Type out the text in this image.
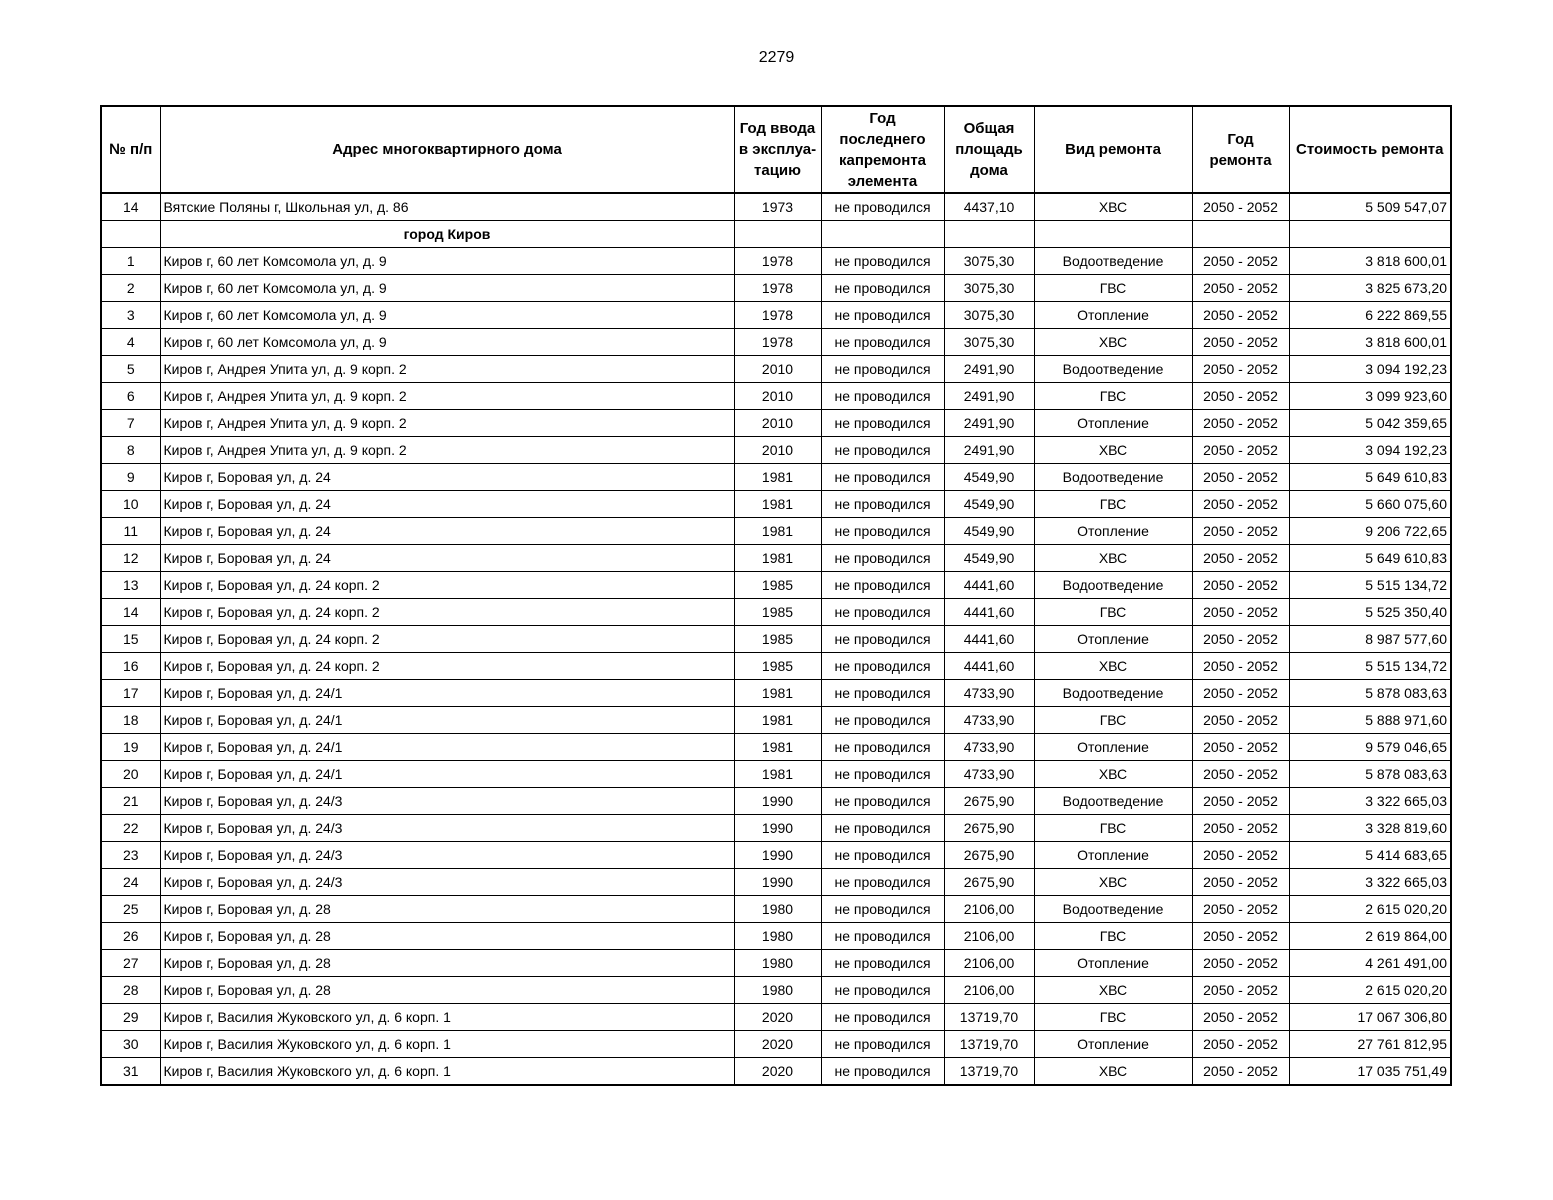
2279
№ п/п	Адрес многоквартирного дома	Год ввода в эксплуа-тацию	Год последнего капремонта элемента	Общая площадь дома	Вид ремонта	Год ремонта	Стоимость ремонта
14	Вятские Поляны г, Школьная ул, д. 86	1973	не проводился	4437,10	ХВС	2050 - 2052	5 509 547,07
	город Киров						
1	Киров г, 60 лет Комсомола ул, д. 9	1978	не проводился	3075,30	Водоотведение	2050 - 2052	3 818 600,01
2	Киров г, 60 лет Комсомола ул, д. 9	1978	не проводился	3075,30	ГВС	2050 - 2052	3 825 673,20
3	Киров г, 60 лет Комсомола ул, д. 9	1978	не проводился	3075,30	Отопление	2050 - 2052	6 222 869,55
4	Киров г, 60 лет Комсомола ул, д. 9	1978	не проводился	3075,30	ХВС	2050 - 2052	3 818 600,01
5	Киров г, Андрея Упита ул, д. 9 корп. 2	2010	не проводился	2491,90	Водоотведение	2050 - 2052	3 094 192,23
6	Киров г, Андрея Упита ул, д. 9 корп. 2	2010	не проводился	2491,90	ГВС	2050 - 2052	3 099 923,60
7	Киров г, Андрея Упита ул, д. 9 корп. 2	2010	не проводился	2491,90	Отопление	2050 - 2052	5 042 359,65
8	Киров г, Андрея Упита ул, д. 9 корп. 2	2010	не проводился	2491,90	ХВС	2050 - 2052	3 094 192,23
9	Киров г, Боровая ул, д. 24	1981	не проводился	4549,90	Водоотведение	2050 - 2052	5 649 610,83
10	Киров г, Боровая ул, д. 24	1981	не проводился	4549,90	ГВС	2050 - 2052	5 660 075,60
11	Киров г, Боровая ул, д. 24	1981	не проводился	4549,90	Отопление	2050 - 2052	9 206 722,65
12	Киров г, Боровая ул, д. 24	1981	не проводился	4549,90	ХВС	2050 - 2052	5 649 610,83
13	Киров г, Боровая ул, д. 24 корп. 2	1985	не проводился	4441,60	Водоотведение	2050 - 2052	5 515 134,72
14	Киров г, Боровая ул, д. 24 корп. 2	1985	не проводился	4441,60	ГВС	2050 - 2052	5 525 350,40
15	Киров г, Боровая ул, д. 24 корп. 2	1985	не проводился	4441,60	Отопление	2050 - 2052	8 987 577,60
16	Киров г, Боровая ул, д. 24 корп. 2	1985	не проводился	4441,60	ХВС	2050 - 2052	5 515 134,72
17	Киров г, Боровая ул, д. 24/1	1981	не проводился	4733,90	Водоотведение	2050 - 2052	5 878 083,63
18	Киров г, Боровая ул, д. 24/1	1981	не проводился	4733,90	ГВС	2050 - 2052	5 888 971,60
19	Киров г, Боровая ул, д. 24/1	1981	не проводился	4733,90	Отопление	2050 - 2052	9 579 046,65
20	Киров г, Боровая ул, д. 24/1	1981	не проводился	4733,90	ХВС	2050 - 2052	5 878 083,63
21	Киров г, Боровая ул, д. 24/3	1990	не проводился	2675,90	Водоотведение	2050 - 2052	3 322 665,03
22	Киров г, Боровая ул, д. 24/3	1990	не проводился	2675,90	ГВС	2050 - 2052	3 328 819,60
23	Киров г, Боровая ул, д. 24/3	1990	не проводился	2675,90	Отопление	2050 - 2052	5 414 683,65
24	Киров г, Боровая ул, д. 24/3	1990	не проводился	2675,90	ХВС	2050 - 2052	3 322 665,03
25	Киров г, Боровая ул, д. 28	1980	не проводился	2106,00	Водоотведение	2050 - 2052	2 615 020,20
26	Киров г, Боровая ул, д. 28	1980	не проводился	2106,00	ГВС	2050 - 2052	2 619 864,00
27	Киров г, Боровая ул, д. 28	1980	не проводился	2106,00	Отопление	2050 - 2052	4 261 491,00
28	Киров г, Боровая ул, д. 28	1980	не проводился	2106,00	ХВС	2050 - 2052	2 615 020,20
29	Киров г, Василия Жуковского ул, д. 6 корп. 1	2020	не проводился	13719,70	ГВС	2050 - 2052	17 067 306,80
30	Киров г, Василия Жуковского ул, д. 6 корп. 1	2020	не проводился	13719,70	Отопление	2050 - 2052	27 761 812,95
31	Киров г, Василия Жуковского ул, д. 6 корп. 1	2020	не проводился	13719,70	ХВС	2050 - 2052	17 035 751,49
